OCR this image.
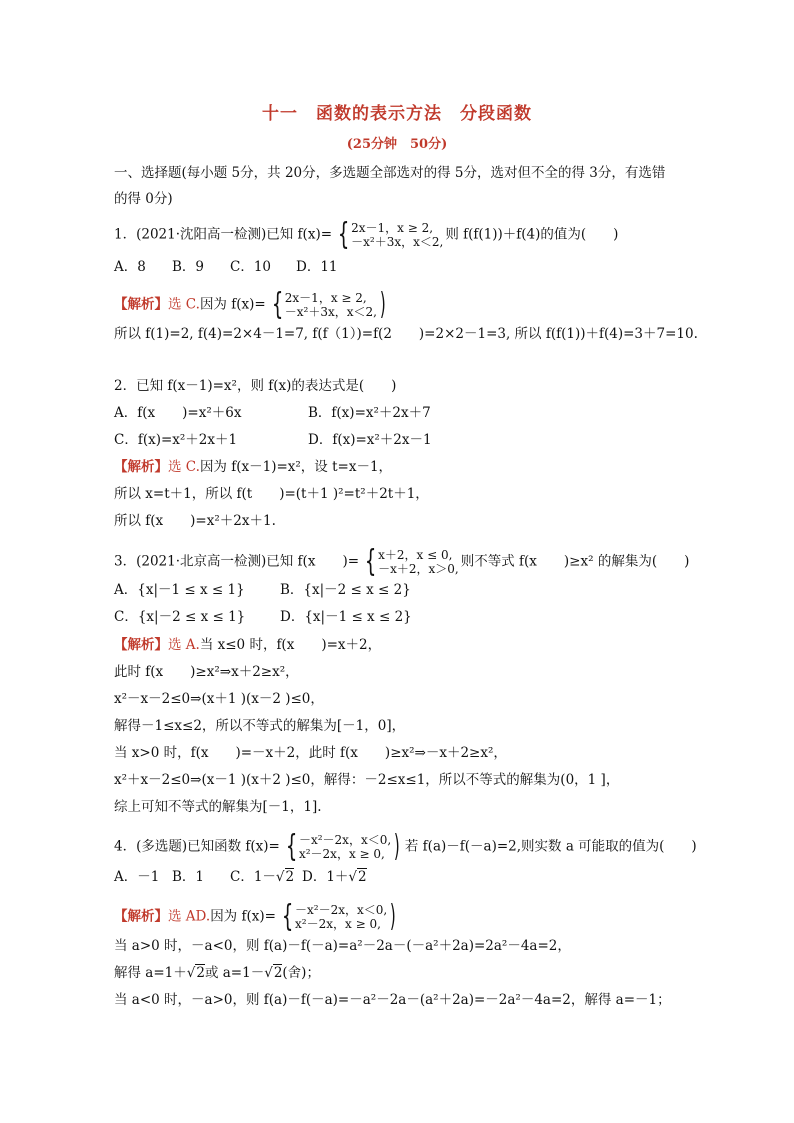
十一　函数的表示方法　分段函数
(25分钟　50分)
一、选择题(每小题 5分，共 20分，多选题全部选对的得 5分，选对但不全的得 3分，有选错
的得 0分)
1．(2021·沈阳高一检测)已知 f(x)= { 2x－1，x ≥ 2,
－x²＋3x，x＜2, 则 f(f(1))＋f(4)的值为(　　)
A．8 B．9 C．10 D．11
【解析】选 C.因为 f(x)= { 2x－1，x ≥ 2,
－x²＋3x，x＜2, )
所以 f(1)=2, f(4)=2×4－1=7, f(f（1）)=f(2　　)=2×2－1=3, 所以 f(f(1))＋f(4)=3＋7=10.
2．已知 f(x－1)=x²，则 f(x)的表达式是(　　)
A．f(x　　)=x²＋6x	B．f(x)=x²＋2x＋7
C．f(x)=x²＋2x＋1	D．f(x)=x²＋2x－1
【解析】选 C.因为 f(x－1)=x²，设 t=x－1，
所以 x=t＋1，所以 f(t　　)=(t＋1 )²=t²＋2t＋1，
所以 f(x　　)=x²＋2x＋1.
3．(2021·北京高一检测)已知 f(x　　)= { x＋2，x ≤ 0,
－x＋2，x＞0, 则不等式 f(x　　)≥x² 的解集为(　　)
A．{x|－1 ≤ x ≤ 1}	B．{x|－2 ≤ x ≤ 2}
C．{x|－2 ≤ x ≤ 1}	D．{x|－1 ≤ x ≤ 2}
【解析】选 A.当 x≤0 时，f(x　　)=x＋2，
此时 f(x　　)≥x²⇒x＋2≥x²，
x²－x－2≤0⇒(x＋1 )(x－2 )≤0，
解得－1≤x≤2，所以不等式的解集为[－1，0]，
当 x>0 时，f(x　　)=－x＋2，此时 f(x　　)≥x²⇒－x＋2≥x²，
x²＋x－2≤0⇒(x－1 )(x＋2 )≤0，解得：－2≤x≤1，所以不等式的解集为(0，1 ]，
综上可知不等式的解集为[－1，1].
4．(多选题)已知函数 f(x)= { －x²－2x，x＜0,
x²－2x，x ≥ 0, ) 若 f(a)－f(－a)=2,则实数 a 可能取的值为(　　)
A．－1 B．1 C．1－√2 D．1＋√2
【解析】选 AD.因为 f(x)= { －x²－2x，x＜0,
x²－2x，x ≥ 0, )
当 a>0 时，－a<0，则 f(a)－f(－a)=a²－2a－(－a²＋2a)=2a²－4a=2，
解得 a=1＋√2或 a=1－√2(舍)；
当 a<0 时，－a>0，则 f(a)－f(－a)=－a²－2a－(a²＋2a)=－2a²－4a=2，解得 a=－1；
